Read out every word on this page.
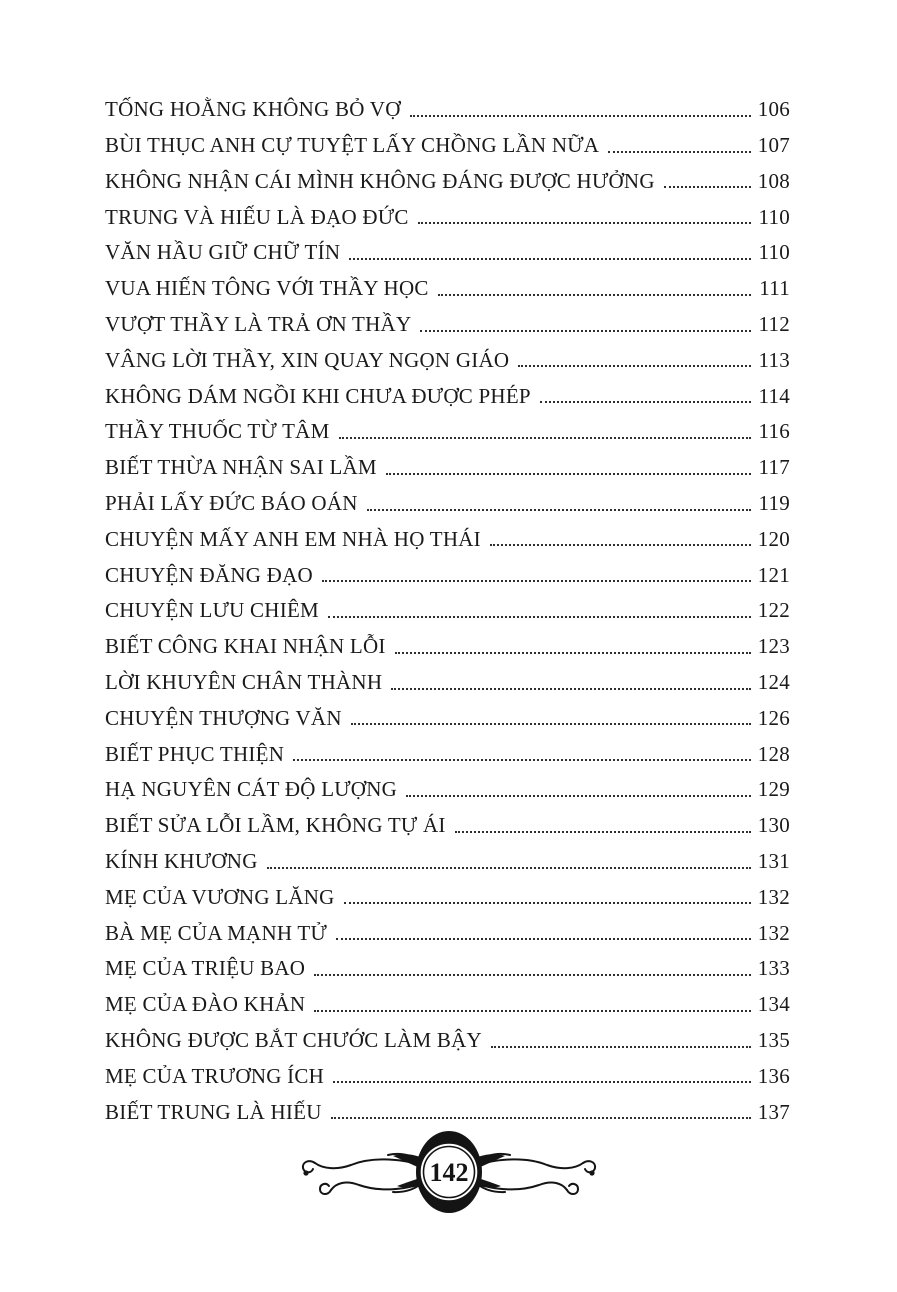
TỐNG HOẰNG KHÔNG BỎ VỢ	106
BÙI THỤC ANH CỰ TUYỆT LẤY CHỒNG LẦN NỮA	107
KHÔNG NHẬN CÁI MÌNH KHÔNG ĐÁNG ĐƯỢC HƯỞNG	108
TRUNG VÀ HIẾU LÀ ĐẠO ĐỨC	110
VĂN HẦU GIỮ CHỮ TÍN	110
VUA HIẾN TÔNG VỚI THẦY HỌC	111
VƯỢT THẦY LÀ TRẢ ƠN THẦY	112
VÂNG LỜI THẦY, XIN QUAY NGỌN GIÁO	113
KHÔNG DÁM NGỒI KHI CHƯA ĐƯỢC PHÉP	114
THẦY THUỐC TỪ TÂM	116
BIẾT THỪA NHẬN SAI LẦM	117
PHẢI LẤY ĐỨC BÁO OÁN	119
CHUYỆN MẤY ANH EM NHÀ HỌ THÁI	120
CHUYỆN ĐĂNG ĐẠO	121
CHUYỆN LƯU CHIÊM	122
BIẾT CÔNG KHAI NHẬN LỖI	123
LỜI KHUYÊN CHÂN THÀNH	124
CHUYỆN THƯỢNG VĂN	126
BIẾT PHỤC THIỆN	128
HẠ NGUYÊN CÁT ĐỘ LƯỢNG	129
BIẾT SỬA LỖI LẦM, KHÔNG TỰ ÁI	130
KÍNH KHƯƠNG	131
MẸ CỦA VƯƠNG LĂNG	132
BÀ MẸ CỦA MẠNH TỬ	132
MẸ CỦA TRIỆU BAO	133
MẸ CỦA ĐÀO KHẢN	134
KHÔNG ĐƯỢC BẮT CHƯỚC LÀM BẬY	135
MẸ CỦA TRƯƠNG ÍCH	136
BIẾT TRUNG LÀ HIẾU	137
142
